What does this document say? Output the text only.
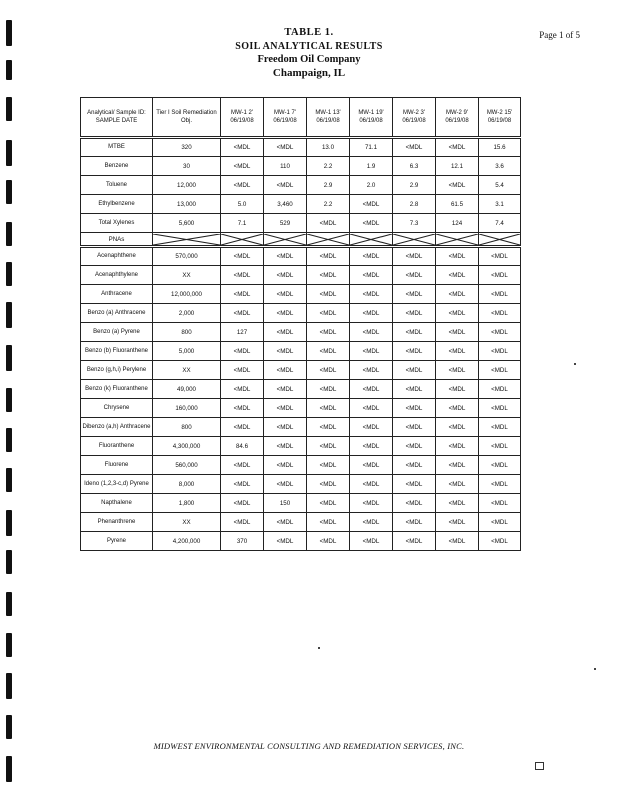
TABLE 1.
SOIL ANALYTICAL RESULTS
Freedom Oil Company
Champaign, IL
Page 1 of 5
Analytical/ Sample ID: SAMPLE DATE	Tier I Soil Remediation Obj.	MW-1 2' 06/19/08	MW-1 7' 06/19/08	MW-1 13' 06/19/08	MW-1 19' 06/19/08	MW-2 3' 06/19/08	MW-2 9' 06/19/08	MW-2 15' 06/19/08
MTBE	320	<MDL	<MDL	13.0	71.1	<MDL	<MDL	15.6
Benzene	30	<MDL	110	2.2	1.9	6.3	12.1	3.6
Toluene	12,000	<MDL	<MDL	2.9	2.0	2.9	<MDL	5.4
Ethylbenzene	13,000	5.0	3,460	2.2	<MDL	2.8	61.5	3.1
Total Xylenes	5,600	7.1	529	<MDL	<MDL	7.3	124	7.4
PNAs	

Acenaphthene	570,000	<MDL	<MDL	<MDL	<MDL	<MDL	<MDL	<MDL
Acenaphthylene	XX	<MDL	<MDL	<MDL	<MDL	<MDL	<MDL	<MDL
Anthracene	12,000,000	<MDL	<MDL	<MDL	<MDL	<MDL	<MDL	<MDL
Benzo (a) Anthracene	2,000	<MDL	<MDL	<MDL	<MDL	<MDL	<MDL	<MDL
Benzo (a) Pyrene	800	127	<MDL	<MDL	<MDL	<MDL	<MDL	<MDL
Benzo (b) Fluoranthene	5,000	<MDL	<MDL	<MDL	<MDL	<MDL	<MDL	<MDL
Benzo (g,h,i) Perylene	XX	<MDL	<MDL	<MDL	<MDL	<MDL	<MDL	<MDL
Benzo (k) Fluoranthene	49,000	<MDL	<MDL	<MDL	<MDL	<MDL	<MDL	<MDL
Chrysene	160,000	<MDL	<MDL	<MDL	<MDL	<MDL	<MDL	<MDL
Dibenzo (a,h) Anthracene	800	<MDL	<MDL	<MDL	<MDL	<MDL	<MDL	<MDL
Fluoranthene	4,300,000	84.6	<MDL	<MDL	<MDL	<MDL	<MDL	<MDL
Fluorene	560,000	<MDL	<MDL	<MDL	<MDL	<MDL	<MDL	<MDL
Ideno (1,2,3-c,d) Pyrene	8,000	<MDL	<MDL	<MDL	<MDL	<MDL	<MDL	<MDL
Napthalene	1,800	<MDL	150	<MDL	<MDL	<MDL	<MDL	<MDL
Phenanthrene	XX	<MDL	<MDL	<MDL	<MDL	<MDL	<MDL	<MDL
Pyrene	4,200,000	370	<MDL	<MDL	<MDL	<MDL	<MDL	<MDL
MIDWEST ENVIRONMENTAL CONSULTING AND REMEDIATION SERVICES, INC.
